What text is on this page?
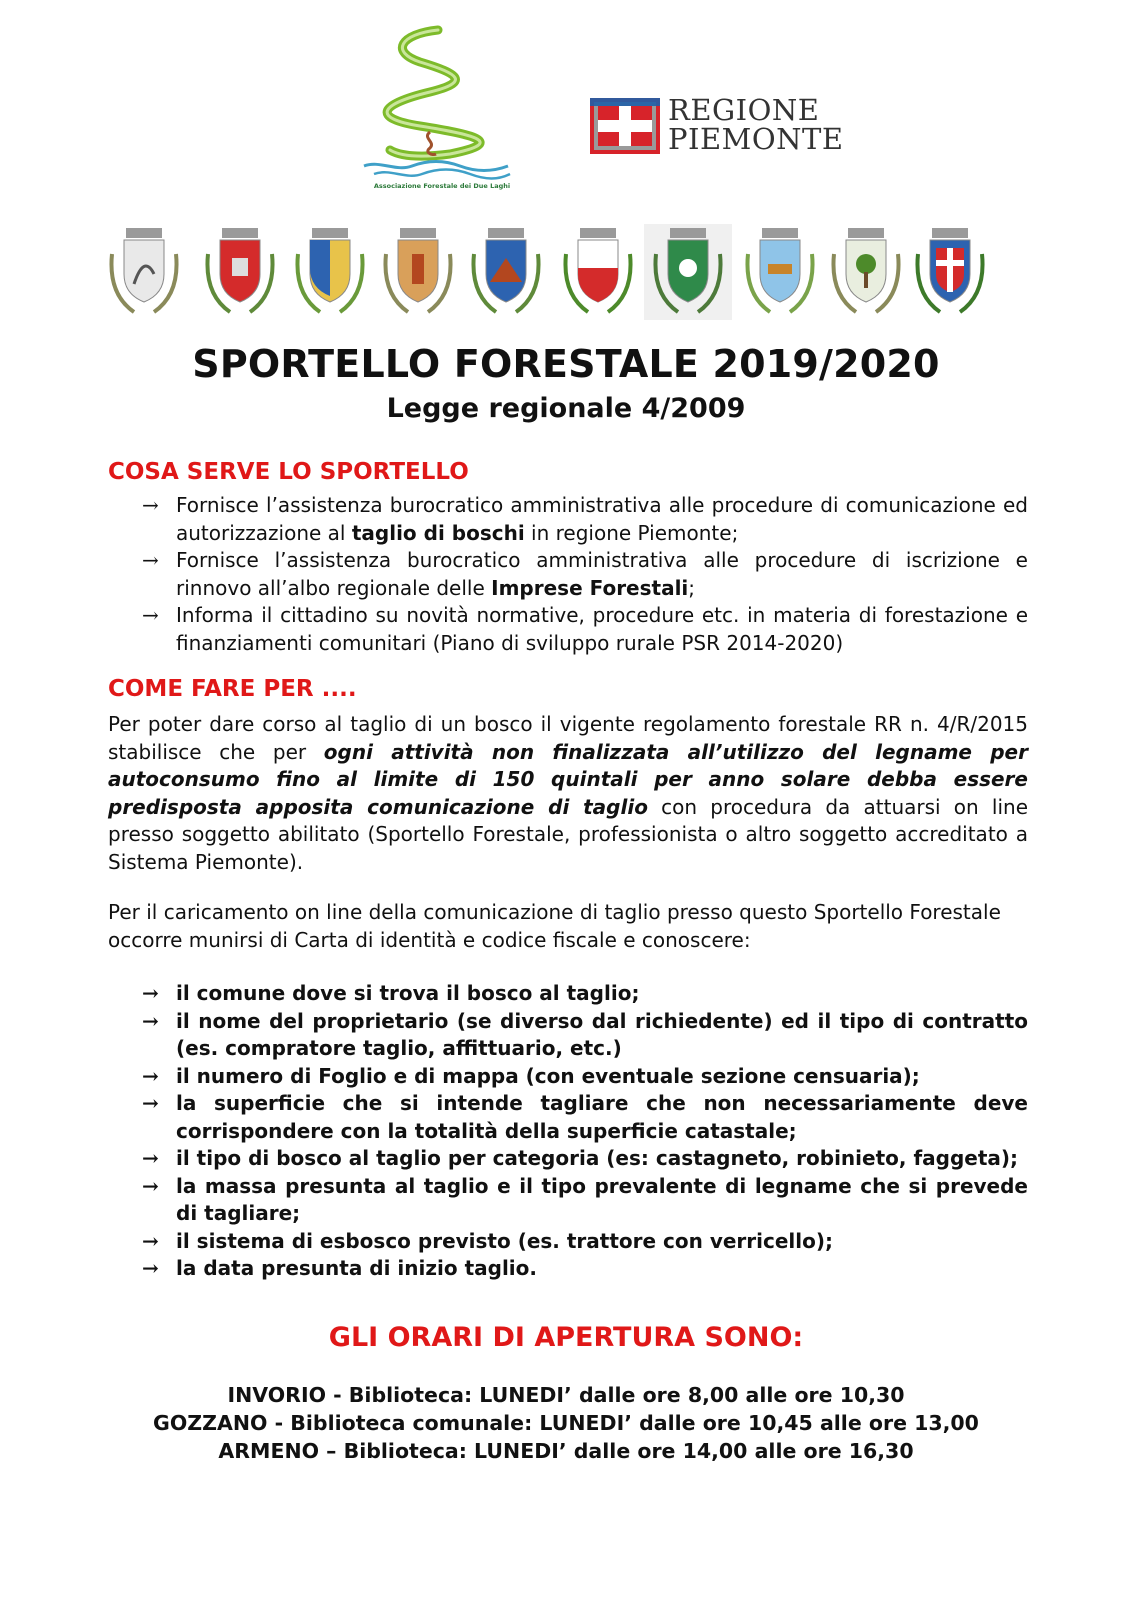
Associazione Forestale dei Due Laghi
REGIONE
PIEMONTE
SPORTELLO FORESTALE 2019/2020
Legge regionale 4/2009
COSA SERVE LO SPORTELLO
→ Fornisce l’assistenza burocratico amministrativa alle procedure di comunicazione ed autorizzazione al taglio di boschi in regione Piemonte;
→ Fornisce l’assistenza burocratico amministrativa alle procedure di iscrizione e rinnovo all’albo regionale delle Imprese Forestali;
→ Informa il cittadino su novità normative, procedure etc. in materia di forestazione e finanziamenti comunitari (Piano di sviluppo rurale PSR 2014-2020)
COME FARE PER ....

Per poter dare corso al taglio di un bosco il vigente regolamento forestale RR n. 4/R/2015 stabilisce che per ogni attività non finalizzata all’utilizzo del legname per autoconsumo fino al limite di 150 quintali per anno solare debba essere predisposta apposita comunicazione di taglio con procedura da attuarsi on line presso soggetto abilitato (Sportello Forestale, professionista o altro soggetto accreditato a Sistema Piemonte).

Per il caricamento on line della comunicazione di taglio presso questo Sportello Forestale occorre munirsi di Carta di identità e codice fiscale e conoscere:

→ il comune dove si trova il bosco al taglio;
→ il nome del proprietario (se diverso dal richiedente) ed il tipo di contratto (es. compratore taglio, affittuario, etc.)
→ il numero di Foglio e di mappa (con eventuale sezione censuaria);
→ la superficie che si intende tagliare che non necessariamente deve corrispondere con la totalità della superficie catastale;
→ il tipo di bosco al taglio per categoria (es: castagneto, robinieto, faggeta);
→ la massa presunta al taglio e il tipo prevalente di legname che si prevede di tagliare;
→ il sistema di esbosco previsto (es. trattore con verricello);
→ la data presunta di inizio taglio.
GLI ORARI DI APERTURA SONO:
INVORIO - Biblioteca: LUNEDI’ dalle ore 8,00 alle ore 10,30
GOZZANO - Biblioteca comunale: LUNEDI’ dalle ore 10,45 alle ore 13,00
ARMENO – Biblioteca: LUNEDI’ dalle ore 14,00 alle ore 16,30
